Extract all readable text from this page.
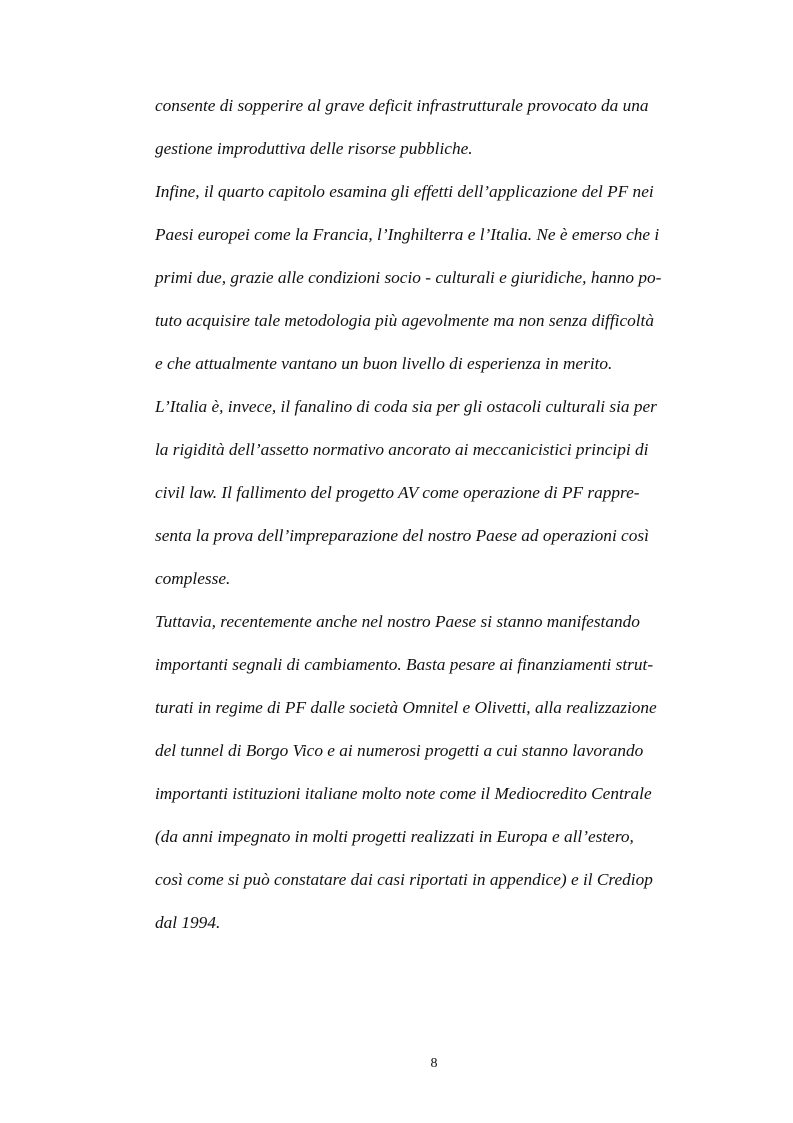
consente di sopperire al grave deficit infrastrutturale provocato da una
gestione improduttiva delle risorse pubbliche.
Infine, il quarto capitolo esamina gli effetti dell’applicazione del PF nei
Paesi europei come la Francia, l’Inghilterra e l’Italia. Ne è emerso che i
primi due, grazie alle condizioni socio - culturali e giuridiche, hanno po-
tuto acquisire tale metodologia più agevolmente ma non senza difficoltà
e che attualmente vantano un buon livello di esperienza in merito.
L’Italia è, invece, il fanalino di coda sia per gli ostacoli culturali sia per
la rigidità dell’assetto normativo ancorato ai meccanicistici principi di
civil law. Il fallimento del progetto AV come operazione di PF rappre-
senta la prova dell’impreparazione del nostro Paese ad operazioni così
complesse.
Tuttavia, recentemente anche nel nostro Paese si stanno manifestando
importanti segnali di cambiamento. Basta pesare ai finanziamenti strut-
turati in regime di PF dalle società Omnitel e Olivetti, alla realizzazione
del tunnel di Borgo Vico e ai numerosi progetti a cui stanno lavorando
importanti istituzioni italiane molto note come il Mediocredito Centrale
(da anni impegnato in molti progetti realizzati in Europa e all’estero,
così come si può constatare dai casi riportati in appendice) e il Crediop
dal 1994.
8
